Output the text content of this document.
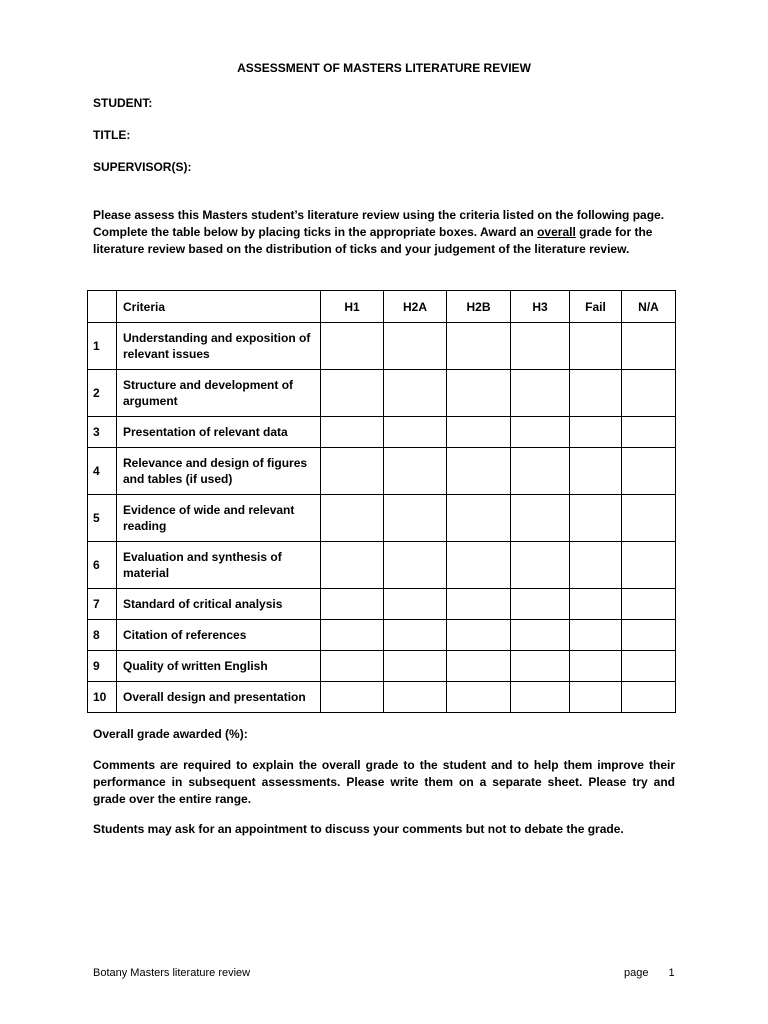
ASSESSMENT OF MASTERS LITERATURE REVIEW
STUDENT:
TITLE:
SUPERVISOR(S):
Please assess this Masters student’s literature review using the criteria listed on the following page. Complete the table below by placing ticks in the appropriate boxes. Award an overall grade for the literature review based on the distribution of ticks and your judgement of the literature review.
	Criteria	H1	H2A	H2B	H3	Fail	N/A
1	Understanding and exposition of relevant issues						
2	Structure and development of argument						
3	Presentation of relevant data						
4	Relevance and design of figures and tables (if used)						
5	Evidence of wide and relevant reading						
6	Evaluation and synthesis of material						
7	Standard of critical analysis						
8	Citation of references						
9	Quality of written English						
10	Overall design and presentation						
Overall grade awarded (%):
Comments are required to explain the overall grade to the student and to help them improve their performance in subsequent assessments. Please write them on a separate sheet. Please try and grade over the entire range.
Students may ask for an appointment to discuss your comments but not to debate the grade.
Botany Masters literature review	page 1
